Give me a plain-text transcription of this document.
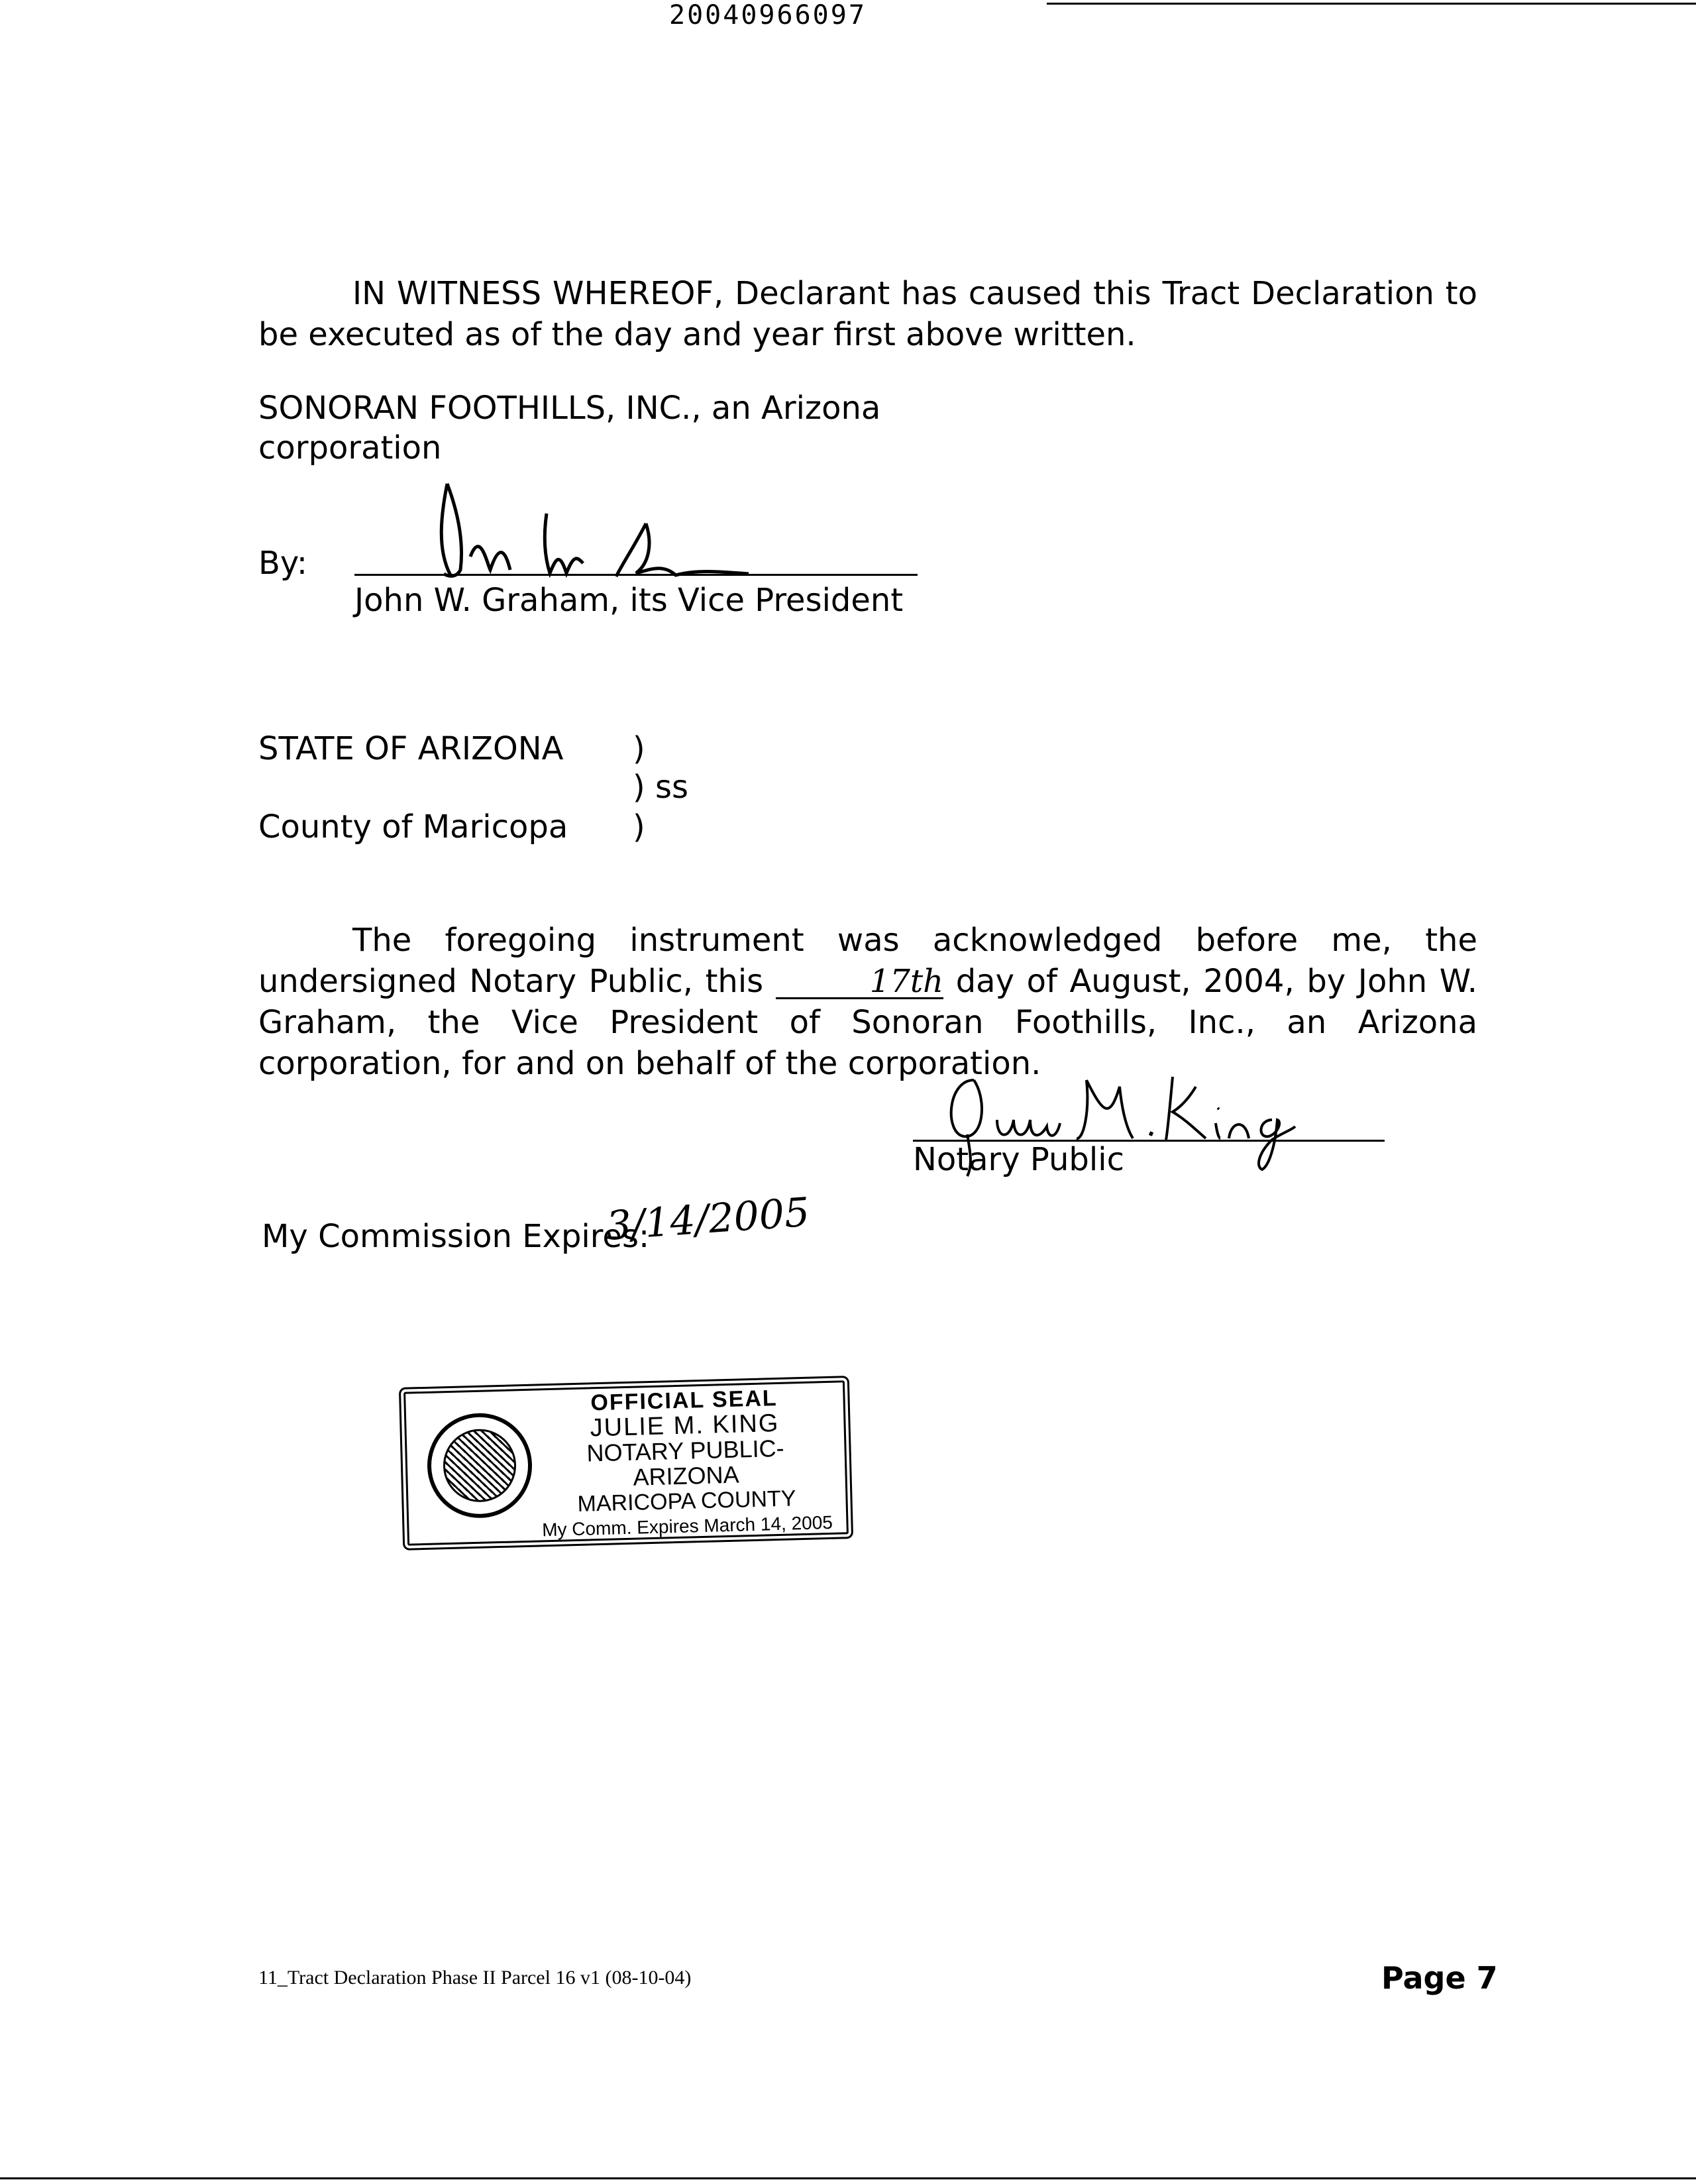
20040966097

IN WITNESS WHEREOF, Declarant has caused this Tract Declaration to be executed as of the day and year first above written.

SONORAN FOOTHILLS, INC., an Arizona
corporation
By:
John W. Graham, its Vice President
STATE OF ARIZONA )
) ss
County of Maricopa )

The foregoing instrument was acknowledged before me, the undersigned Notary Public, this	17th day of August, 2004, by John W. Graham, the Vice President of Sonoran Foothills, Inc., an Arizona corporation, for and on behalf of the corporation.

Notary Public
My Commission Expires:
3/14/2005
OFFICIAL SEAL
JULIE M. KING
NOTARY PUBLIC-ARIZONA
MARICOPA COUNTY
My Comm. Expires March 14, 2005
11_Tract Declaration Phase II Parcel 16 v1 (08-10-04)	Page 7
